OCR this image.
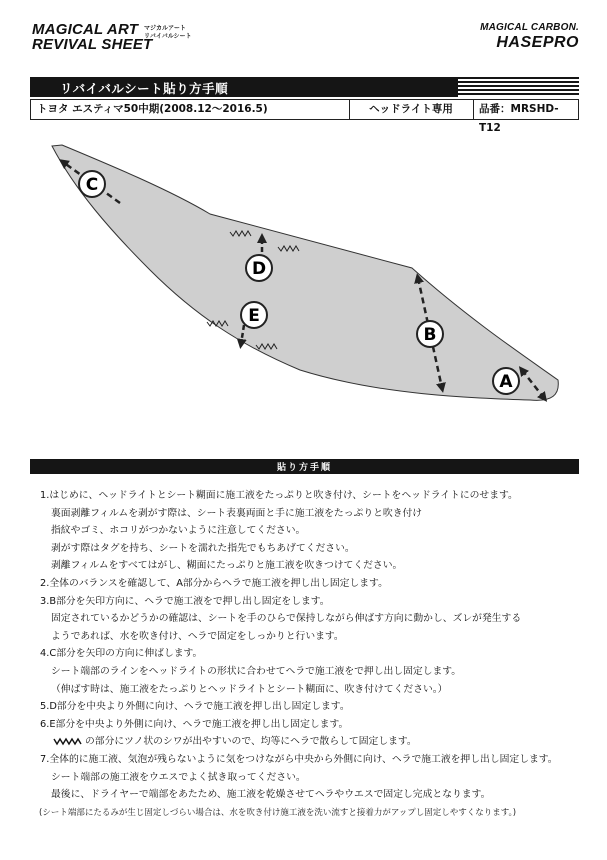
MAGICAL ART
REVIVAL SHEET
マジカルアート
リバイバルシート
MAGICAL CARBON.
HASEPRO
リバイバルシート貼り方手順
トヨタ エスティマ50中期(2008.12〜2016.5)	ヘッドライト専用	品番：MRSHD-T12
C
D
E
B
A
貼り方手順
1.はじめに、ヘッドライトとシート糊面に施工液をたっぷりと吹き付け、シートをヘッドライトにのせます。
裏面剥離フィルムを剥がす際は、シート表裏両面と手に施工液をたっぷりと吹き付け
指紋やゴミ、ホコリがつかないように注意してください。
剥がす際はタグを持ち、シートを濡れた指先でもちあげてください。
剥離フィルムをすべてはがし、糊面にたっぷりと施工液を吹きつけてください。
2.全体のバランスを確認して、A部分からヘラで施工液を押し出し固定します。
3.B部分を矢印方向に、ヘラで施工液をで押し出し固定をします。
固定されているかどうかの確認は、シートを手のひらで保持しながら伸ばす方向に動かし、ズレが発生する
ようであれば、水を吹き付け、ヘラで固定をしっかりと行います。
4.C部分を矢印の方向に伸ばします。
シート端部のラインをヘッドライトの形状に合わせてヘラで施工液をで押し出し固定します。
（伸ばす時は、施工液をたっぷりとヘッドライトとシート糊面に、吹き付けてください。）
5.D部分を中央より外側に向け、ヘラで施工液を押し出し固定します。
6.E部分を中央より外側に向け、ヘラで施工液を押し出し固定します。
の部分にツノ状のシワが出やすいので、均等にヘラで散らして固定します。
7.全体的に施工液、気泡が残らないように気をつけながら中央から外側に向け、ヘラで施工液を押し出し固定します。
シート端部の施工液をウエスでよく拭き取ってください。
最後に、ドライヤーで端部をあたため、施工液を乾燥させてヘラやウエスで固定し完成となります。
(シート端部にたるみが生じ固定しづらい場合は、水を吹き付け施工液を洗い流すと接着力がアップし固定しやすくなります。)
